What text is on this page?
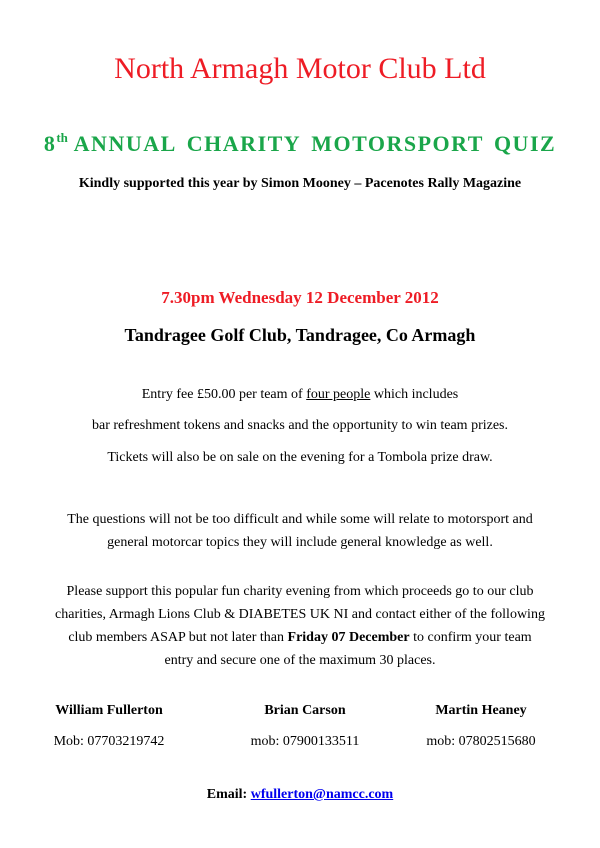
North Armagh Motor Club Ltd
8th ANNUAL CHARITY MOTORSPORT QUIZ
Kindly supported this year by Simon Mooney – Pacenotes Rally Magazine
7.30pm Wednesday 12 December 2012
Tandragee Golf Club, Tandragee, Co Armagh
Entry fee £50.00 per team of four people which includes
bar refreshment tokens and snacks and the opportunity to win team prizes.
Tickets will also be on sale on the evening for a Tombola prize draw.
The questions will not be too difficult and while some will relate to motorsport and
general motorcar topics they will include general knowledge as well.
Please support this popular fun charity evening from which proceeds go to our club
charities, Armagh Lions Club & DIABETES UK NI and contact either of the following
club members ASAP but not later than Friday 07 December to confirm your team
entry and secure one of the maximum 30 places.
William Fullerton	Brian Carson	Martin Heaney
Mob: 07703219742	mob: 07900133511	mob: 07802515680
Email: wfullerton@namcc.com
